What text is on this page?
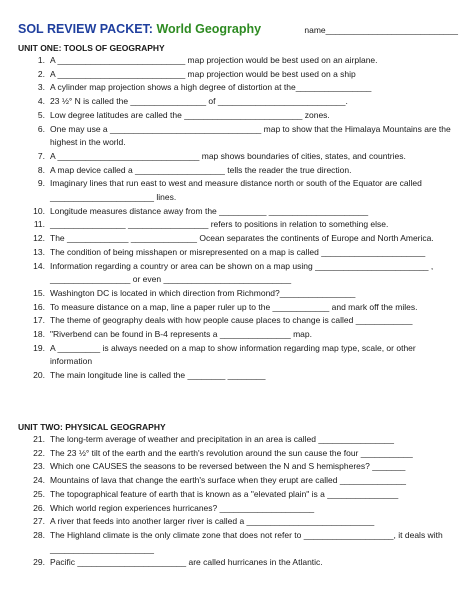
SOL REVIEW PACKET: World Geography	name____________________________
UNIT ONE: TOOLS OF GEOGRAPHY
1. A ___________________________ map projection would be best used on an airplane.

2. A ___________________________ map projection would be best used on a ship

3. A cylinder map projection shows a high degree of distortion at the________________

4. 23 ½° N is called the ________________ of ___________________________.

5. Low degree latitudes are called the _________________________ zones.

6. One may use a ________________________________ map to show that the Himalaya Mountains are the

highest in the world.

7. A ______________________________ map shows boundaries of cities, states, and countries.

8. A map device called a ___________________ tells the reader the true direction.

9. Imaginary lines that run east to west and measure distance north or south of the Equator are called

______________________ lines.

10. Longitude measures distance away from the __________ _____________________

11. ________________ _________________ refers to positions in relation to something else.

12. The _____________ ______________ Ocean separates the continents of Europe and North America.

13. The condition of being misshapen or misrepresented on a map is called ______________________

14. Information regarding a country or area can be shown on a map using ________________________ ,

_________________ or even ___________________________

15. Washington DC is located in which direction from Richmond?________________

16. To measure distance on a map, line a paper ruler up to the ____________ and mark off the miles.

17. The theme of geography deals with how people cause places to change is called ____________

18. "Riverbend can be found in B-4 represents a _______________ map.

19. A _________ is always needed on a map to show information regarding map type, scale, or other

information

20. The main longitude line is called the ________ ________

UNIT TWO: PHYSICAL GEOGRAPHY
21. The long-term average of weather and precipitation in an area is called ________________

22. The 23 ½° tilt of the earth and the earth's revolution around the sun cause the four ___________

23. Which one CAUSES the seasons to be reversed between the N and S hemispheres? _______

24. Mountains of lava that change the earth's surface when they erupt are called ______________

25. The topographical feature of earth that is known as a "elevated plain" is a _______________

26. Which world region experiences hurricanes? ____________________

27. A river that feeds into another larger river is called a ___________________________

28. The Highland climate is the only climate zone that does not refer to ___________________, it deals with

______________________

29. Pacific _______________________ are called hurricanes in the Atlantic.
